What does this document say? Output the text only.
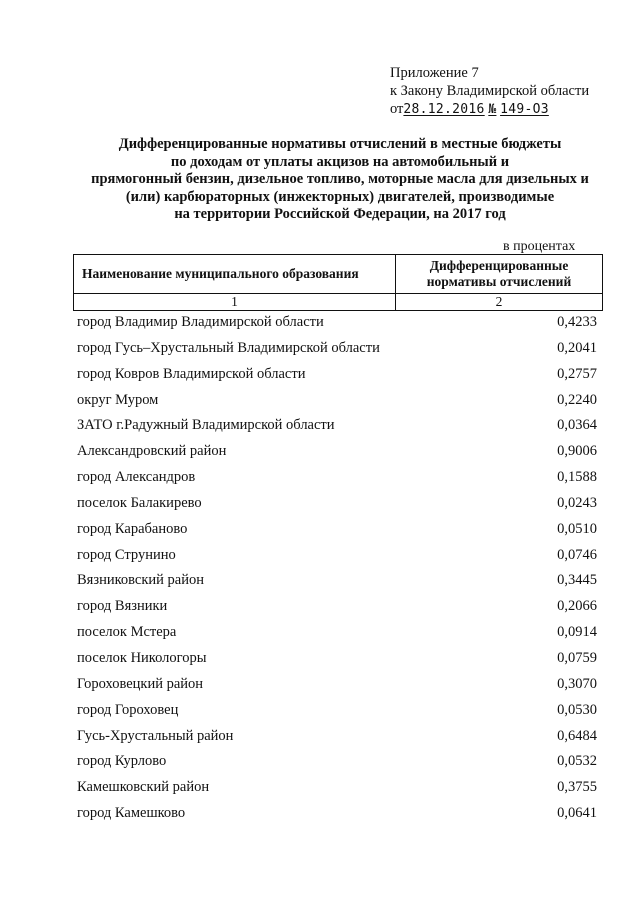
Приложение 7
к Закону Владимирской области
от28.12.2016 № 149-ОЗ
Дифференцированные нормативы отчислений в местные бюджеты
по доходам от уплаты акцизов на автомобильный и
прямогонный бензин, дизельное топливо, моторные масла для дизельных и
(или) карбюраторных (инжекторных) двигателей, производимые
на территории Российской Федерации, на 2017 год
в процентах
Наименование муниципального образования	Дифференцированные
нормативы отчислений

1	2
город Владимир Владимирской области	0,4233
город Гусь–Хрустальный Владимирской области	0,2041
город Ковров Владимирской области	0,2757
округ Муром	0,2240
ЗАТО г.Радужный Владимирской области	0,0364
Александровский район	0,9006
город Александров	0,1588
поселок Балакирево	0,0243
город Карабаново	0,0510
город Струнино	0,0746
Вязниковский район	0,3445
город Вязники	0,2066
поселок Мстера	0,0914
поселок Никологоры	0,0759
Гороховецкий район	0,3070
город Гороховец	0,0530
Гусь-Хрустальный район	0,6484
город Курлово	0,0532
Камешковский район	0,3755
город Камешково	0,0641
